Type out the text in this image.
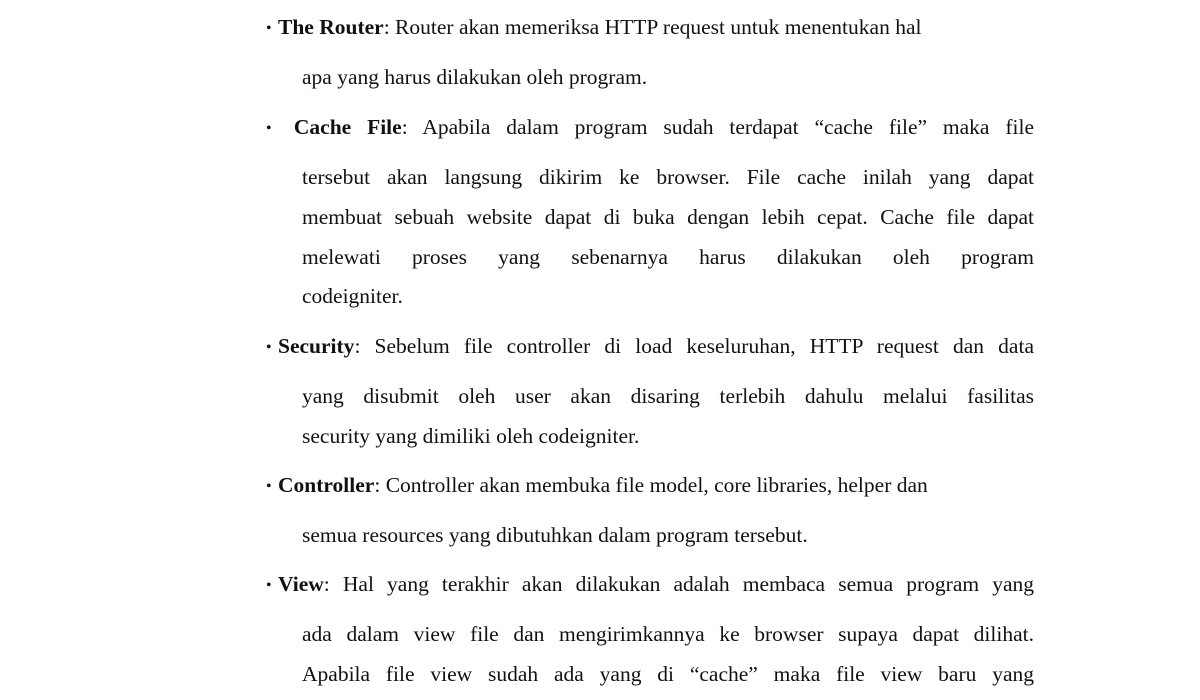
• The Router: Router akan memeriksa HTTP request untuk menentukan hal
apa yang harus dilakukan oleh program.
• Cache File: Apabila dalam program sudah terdapat “cache file” maka file
tersebut akan langsung dikirim ke browser. File cache inilah yang dapat
membuat sebuah website dapat di buka dengan lebih cepat. Cache file dapat
melewati proses yang sebenarnya harus dilakukan oleh program
codeigniter.
• Security: Sebelum file controller di load keseluruhan, HTTP request dan data
yang disubmit oleh user akan disaring terlebih dahulu melalui fasilitas
security yang dimiliki oleh codeigniter.
• Controller: Controller akan membuka file model, core libraries, helper dan
semua resources yang dibutuhkan dalam program tersebut.
• View: Hal yang terakhir akan dilakukan adalah membaca semua program yang
ada dalam view file dan mengirimkannya ke browser supaya dapat dilihat.
Apabila file view sudah ada yang di “cache” maka file view baru yang
